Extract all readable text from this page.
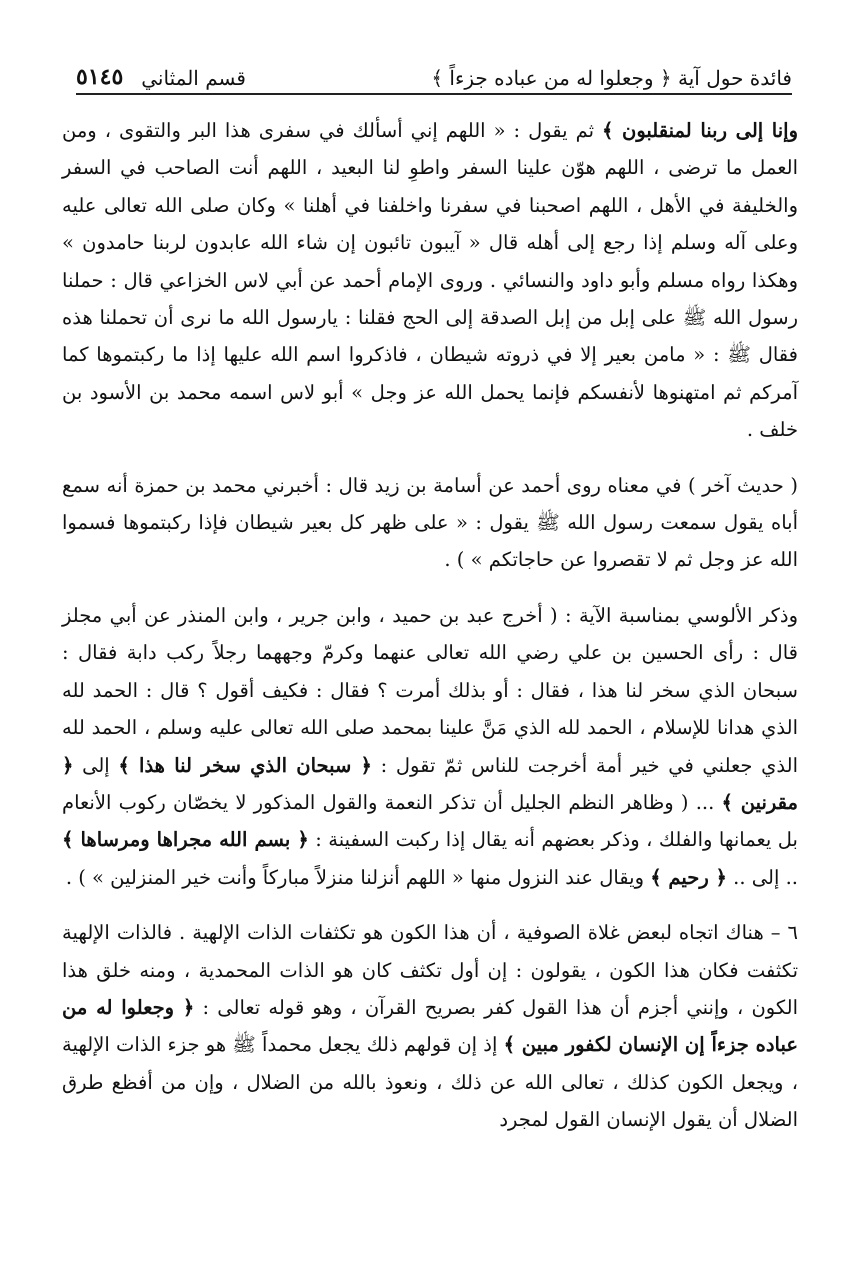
فائدة حول آية ﴿ وجعلوا له من عباده جزءاً ﴾
قسم المثاني
٥١٤٥

وإنا إلى ربنا لمنقلبون ﴾ ثم يقول : « اللهم إني أسألك في سفرى هذا البر والتقوى ، ومن العمل ما ترضى ، اللهم هوّن علينا السفر واطوِ لنا البعيد ، اللهم أنت الصاحب في السفر والخليفة في الأهل ، اللهم اصحبنا في سفرنا واخلفنا في أهلنا » وكان صلى الله تعالى عليه وعلى آله وسلم إذا رجع إلى أهله قال « آيبون تائبون إن شاء الله عابدون لربنا حامدون » وهكذا رواه مسلم وأبو داود والنسائي . وروى الإمام أحمد عن أبي لاس الخزاعي قال : حملنا رسول الله ﷺ على إبل من إبل الصدقة إلى الحج فقلنا : يارسول الله ما نرى أن تحملنا هذه فقال ﷺ : « مامن بعير إلا في ذروته شيطان ، فاذكروا اسم الله عليها إذا ما ركبتموها كما آمركم ثم امتهنوها لأنفسكم فإنما يحمل الله عز وجل » أبو لاس اسمه محمد بن الأسود بن خلف .

( حديث آخر ) في معناه روى أحمد عن أسامة بن زيد قال : أخبرني محمد بن حمزة أنه سمع أباه يقول سمعت رسول الله ﷺ يقول : « على ظهر كل بعير شيطان فإذا ركبتموها فسموا الله عز وجل ثم لا تقصروا عن حاجاتكم » ) .

وذكر الألوسي بمناسبة الآية : ( أخرج عبد بن حميد ، وابن جرير ، وابن المنذر عن أبي مجلز قال : رأى الحسين بن علي رضي الله تعالى عنهما وكرمّ وجههما رجلاً ركب دابة فقال : سبحان الذي سخر لنا هذا ، فقال : أو بذلك أمرت ؟ فقال : فكيف أقول ؟ قال : الحمد لله الذي هدانا للإسلام ، الحمد لله الذي مَنَّ علينا بمحمد صلى الله تعالى عليه وسلم ، الحمد لله الذي جعلني في خير أمة أخرجت للناس ثمّ تقول : ﴿ سبحان الذي سخر لنا هذا ﴾ إلى ﴿ مقرنين ﴾ ... ( وظاهر النظم الجليل أن تذكر النعمة والقول المذكور لا يخصّان ركوب الأنعام بل يعمانها والفلك ، وذكر بعضهم أنه يقال إذا ركبت السفينة : ﴿ بسم الله مجراها ومرساها ﴾ .. إلى .. ﴿ رحيم ﴾ ويقال عند النزول منها « اللهم أنزلنا منزلاً مباركاً وأنت خير المنزلين » ) .

٦ – هناك اتجاه لبعض غلاة الصوفية ، أن هذا الكون هو تكثفات الذات الإلهية . فالذات الإلهية تكثفت فكان هذا الكون ، يقولون : إن أول تكثف كان هو الذات المحمدية ، ومنه خلق هذا الكون ، وإنني أجزم أن هذا القول كفر بصريح القرآن ، وهو قوله تعالى : ﴿ وجعلوا له من عباده جزءاً إن الإنسان لكفور مبين ﴾ إذ إن قولهم ذلك يجعل محمداً ﷺ هو جزء الذات الإلهية ، ويجعل الكون كذلك ، تعالى الله عن ذلك ، ونعوذ بالله من الضلال ، وإن من أفظع طرق الضلال أن يقول الإنسان القول لمجرد
